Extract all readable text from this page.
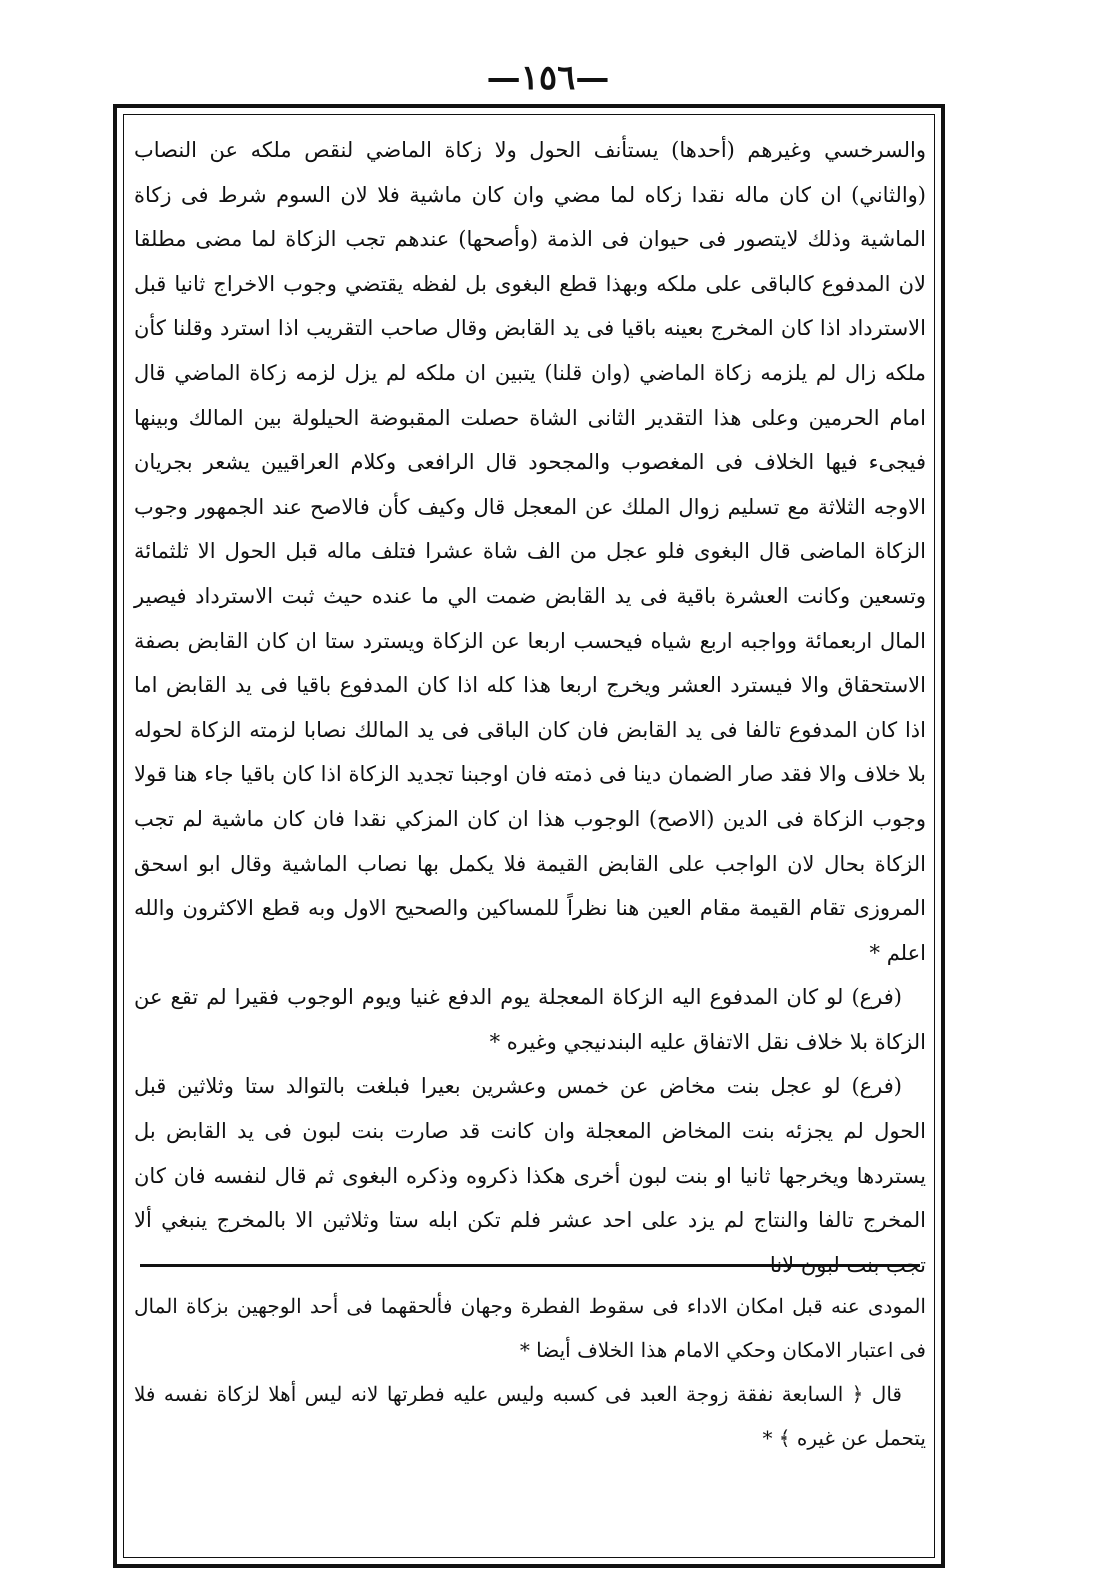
—١٥٦—

والسرخسي وغيرهم (أحدها) يستأنف الحول ولا زكاة الماضي لنقص ملكه عن النصاب (والثاني) ان كان ماله نقدا زكاه لما مضي وان كان ماشية فلا لان السوم شرط فى زكاة الماشية وذلك لايتصور فى حيوان فى الذمة (وأصحها) عندهم تجب الزكاة لما مضى مطلقا لان المدفوع كالباقى على ملكه وبهذا قطع البغوى بل لفظه يقتضي وجوب الاخراج ثانيا قبل الاسترداد اذا كان المخرج بعينه باقيا فى يد القابض وقال صاحب التقريب اذا استرد وقلنا كأن ملكه زال لم يلزمه زكاة الماضي (وان قلنا) يتبين ان ملكه لم يزل لزمه زكاة الماضي قال امام الحرمين وعلى هذا التقدير الثانى الشاة حصلت المقبوضة الحيلولة بين المالك وبينها فيجىء فيها الخلاف فى المغصوب والمجحود قال الرافعى وكلام العراقيين يشعر بجريان الاوجه الثلاثة مع تسليم زوال الملك عن المعجل قال وكيف كأن فالاصح عند الجمهور وجوب الزكاة الماضى قال البغوى فلو عجل من الف شاة عشرا فتلف ماله قبل الحول الا ثلثمائة وتسعين وكانت العشرة باقية فى يد القابض ضمت الي ما عنده حيث ثبت الاسترداد فيصير المال اربعمائة وواجبه اربع شياه فيحسب اربعا عن الزكاة ويسترد ستا ان كان القابض بصفة الاستحقاق والا فيسترد العشر ويخرج اربعا هذا كله اذا كان المدفوع باقيا فى يد القابض اما اذا كان المدفوع تالفا فى يد القابض فان كان الباقى فى يد المالك نصابا لزمته الزكاة لحوله بلا خلاف والا فقد صار الضمان دينا فى ذمته فان اوجبنا تجديد الزكاة اذا كان باقيا جاء هنا قولا وجوب الزكاة فى الدين (الاصح) الوجوب هذا ان كان المزكي نقدا فان كان ماشية لم تجب الزكاة بحال لان الواجب على القابض القيمة فلا يكمل بها نصاب الماشية وقال ابو اسحق المروزى تقام القيمة مقام العين هنا نظراً للمساكين والصحيح الاول وبه قطع الاكثرون والله اعلم *

(فرع) لو كان المدفوع اليه الزكاة المعجلة يوم الدفع غنيا ويوم الوجوب فقيرا لم تقع عن الزكاة بلا خلاف نقل الاتفاق عليه البندنيجي وغيره *

(فرع) لو عجل بنت مخاض عن خمس وعشرين بعيرا فبلغت بالتوالد ستا وثلاثين قبل الحول لم يجزئه بنت المخاض المعجلة وان كانت قد صارت بنت لبون فى يد القابض بل يستردها ويخرجها ثانيا او بنت لبون أخرى هكذا ذكروه وذكره البغوى ثم قال لنفسه فان كان المخرج تالفا والنتاج لم يزد على احد عشر فلم تكن ابله ستا وثلاثين الا بالمخرج ينبغي ألا تجب بنت لبون لانا

المودى عنه قبل امكان الاداء فى سقوط الفطرة وجهان فألحقهما فى أحد الوجهين بزكاة المال فى اعتبار الامكان وحكي الامام هذا الخلاف أيضا *

قال ﴿ السابعة نفقة زوجة العبد فى كسبه وليس عليه فطرتها لانه ليس أهلا لزكاة نفسه فلا يتحمل عن غيره ﴾ *
